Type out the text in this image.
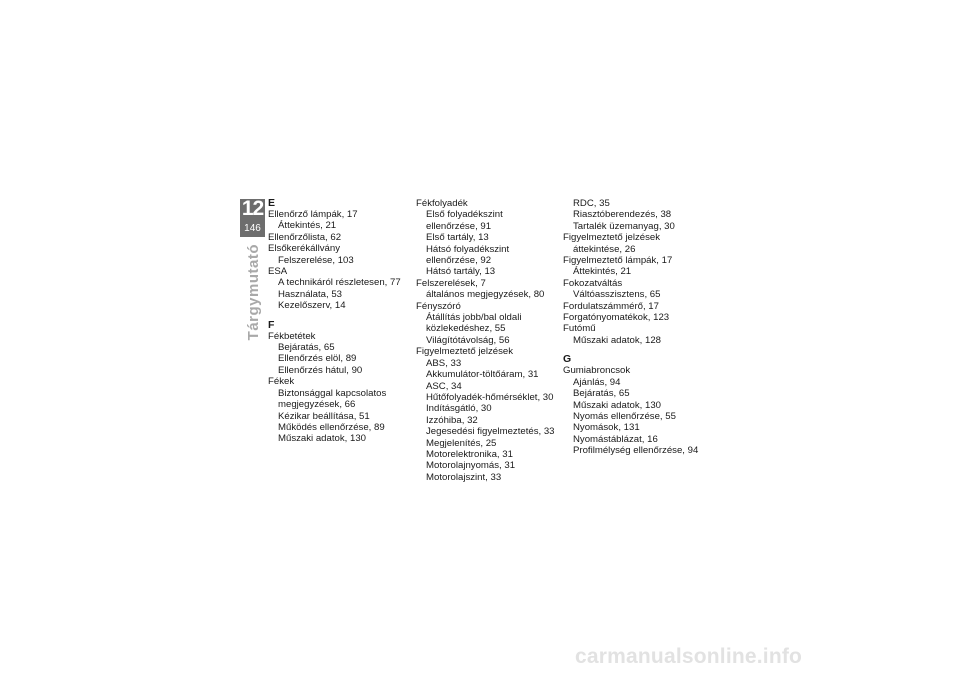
12
146
Tárgymutató
E
Ellenőrző lámpák, 17
Áttekintés, 21
Ellenőrzőlista, 62
Elsőkerékállvány
Felszerelése, 103
ESA
A technikáról részletesen, 77
Használata, 53
Kezelőszerv, 14
F
Fékbetétek
Bejáratás, 65
Ellenőrzés elöl, 89
Ellenőrzés hátul, 90
Fékek
Biztonsággal kapcsolatos
megjegyzések, 66
Kézikar beállítása, 51
Működés ellenőrzése, 89
Műszaki adatok, 130
Fékfolyadék
Első folyadékszint
ellenőrzése, 91
Első tartály, 13
Hátsó folyadékszint
ellenőrzése, 92
Hátsó tartály, 13
Felszerelések, 7
általános megjegyzések, 80
Fényszóró
Átállítás jobb/bal oldali
közlekedéshez, 55
Világítótávolság, 56
Figyelmeztető jelzések
ABS, 33
Akkumulátor-töltőáram, 31
ASC, 34
Hűtőfolyadék-hőmérséklet, 30
Indításgátló, 30
Izzóhiba, 32
Jegesedési figyelmeztetés, 33
Megjelenítés, 25
Motorelektronika, 31
Motorolajnyomás, 31
Motorolajszint, 33
RDC, 35
Riasztóberendezés, 38
Tartalék üzemanyag, 30
Figyelmeztető jelzések
áttekintése, 26
Figyelmeztető lámpák, 17
Áttekintés, 21
Fokozatváltás
Váltóasszisztens, 65
Fordulatszámmérő, 17
Forgatónyomatékok, 123
Futómű
Műszaki adatok, 128
G
Gumiabroncsok
Ajánlás, 94
Bejáratás, 65
Műszaki adatok, 130
Nyomás ellenőrzése, 55
Nyomások, 131
Nyomástáblázat, 16
Profilmélység ellenőrzése, 94
carmanualsonline.info
